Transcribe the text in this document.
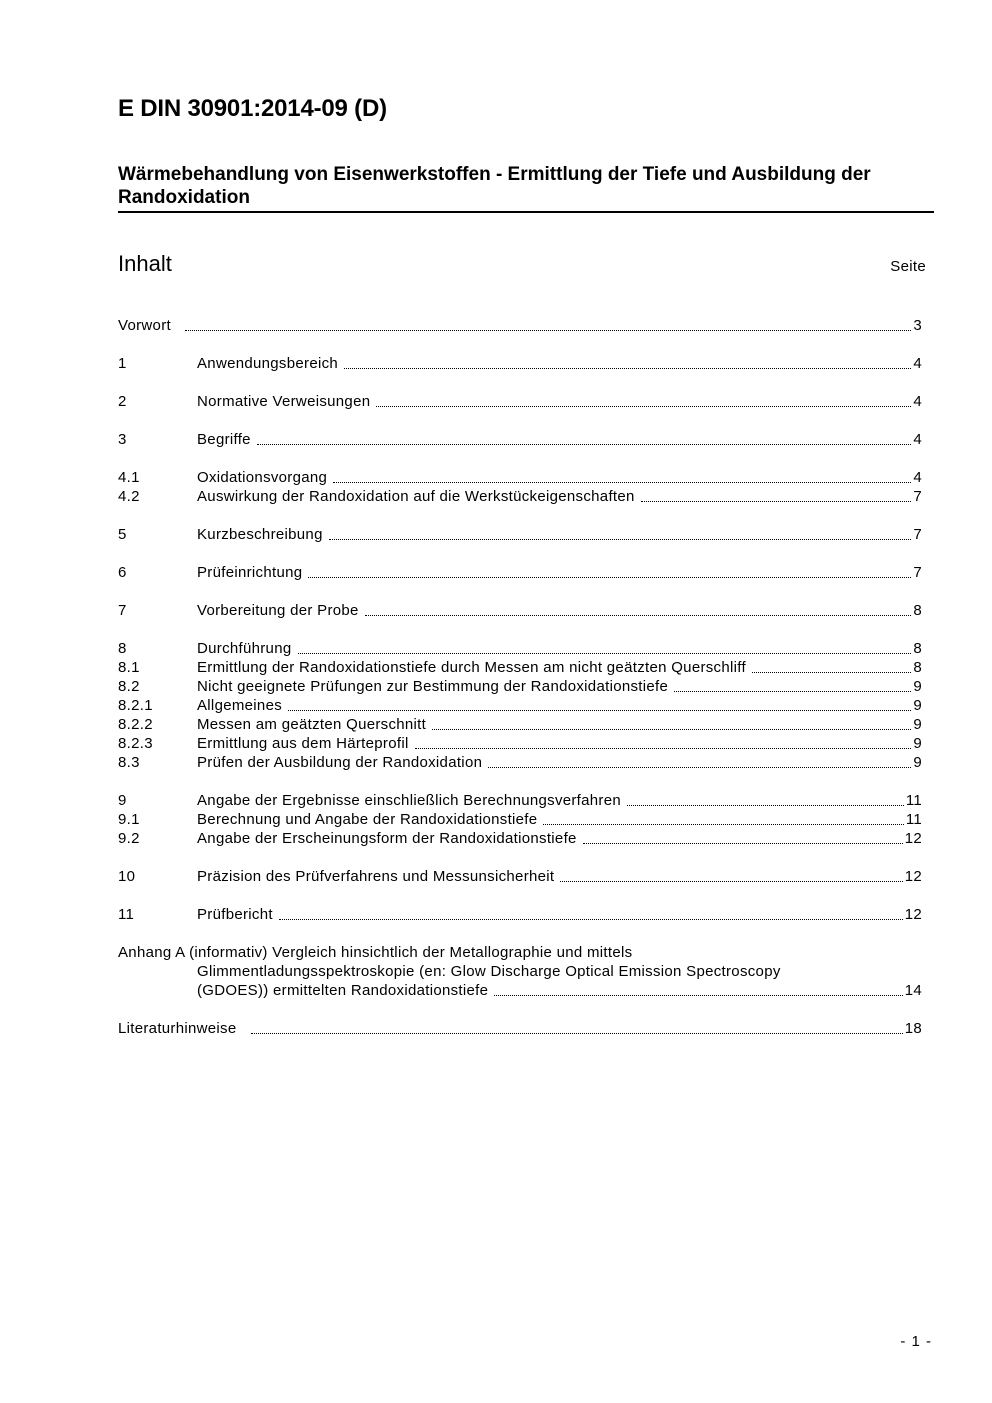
E DIN 30901:2014-09 (D)
Wärmebehandlung von Eisenwerkstoffen - Ermittlung der Tiefe und Ausbildung der Randoxidation
Inhalt	Seite
Vorwort	3
1	Anwendungsbereich	4
2	Normative Verweisungen	4
3	Begriffe	4
4.1	Oxidationsvorgang	4
4.2	Auswirkung der Randoxidation auf die Werkstückeigenschaften	7
5	Kurzbeschreibung	7
6	Prüfeinrichtung	7
7	Vorbereitung der Probe	8
8	Durchführung	8
8.1	Ermittlung der Randoxidationstiefe durch Messen am nicht geätzten Querschliff	8
8.2	Nicht geeignete Prüfungen zur Bestimmung der Randoxidationstiefe	9
8.2.1	Allgemeines	9
8.2.2	Messen am geätzten Querschnitt	9
8.2.3	Ermittlung aus dem Härteprofil	9
8.3	Prüfen der Ausbildung der Randoxidation	9
9	Angabe der Ergebnisse einschließlich Berechnungsverfahren	11
9.1	Berechnung und Angabe der Randoxidationstiefe	11
9.2	Angabe der Erscheinungsform der Randoxidationstiefe	12
10	Präzision des Prüfverfahrens und Messunsicherheit	12
11	Prüfbericht	12
Anhang A (informativ) Vergleich hinsichtlich der Metallographie und mittels
Glimmentladungsspektroskopie (en: Glow Discharge Optical Emission Spectroscopy
(GDOES)) ermittelten Randoxidationstiefe	14
Literaturhinweise	18
- 1 -
